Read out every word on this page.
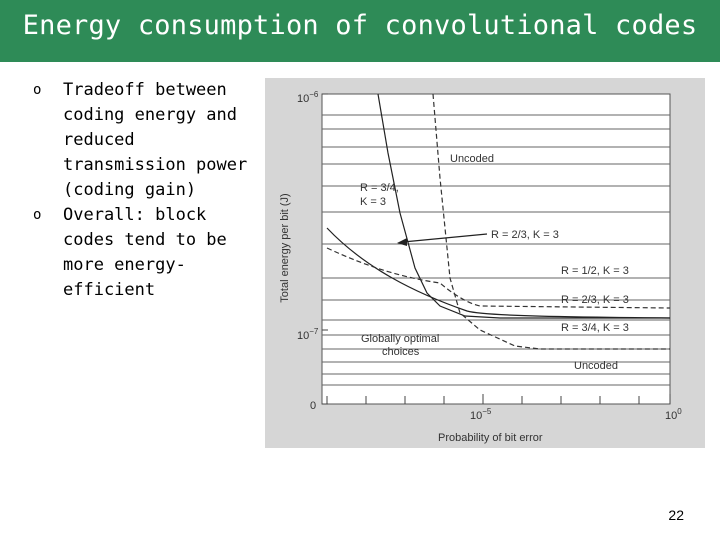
Energy consumption of convolutional codes
o Tradeoff between coding energy and reduced transmission power (coding gain)
o Overall: block codes tend to be more energy-efficient
$10^{-6}$
$10^{-7}$
0
$10^{-5}$	$10^0$
Probability of bit error
Total energy per bit (J)
Uncoded
R = 3/4,
K = 3
R = 2/3, K = 3
R = 1/2, K = 3
R = 2/3, K = 3
R = 3/4, K = 3
Globally optimal
choices
Uncoded
22
